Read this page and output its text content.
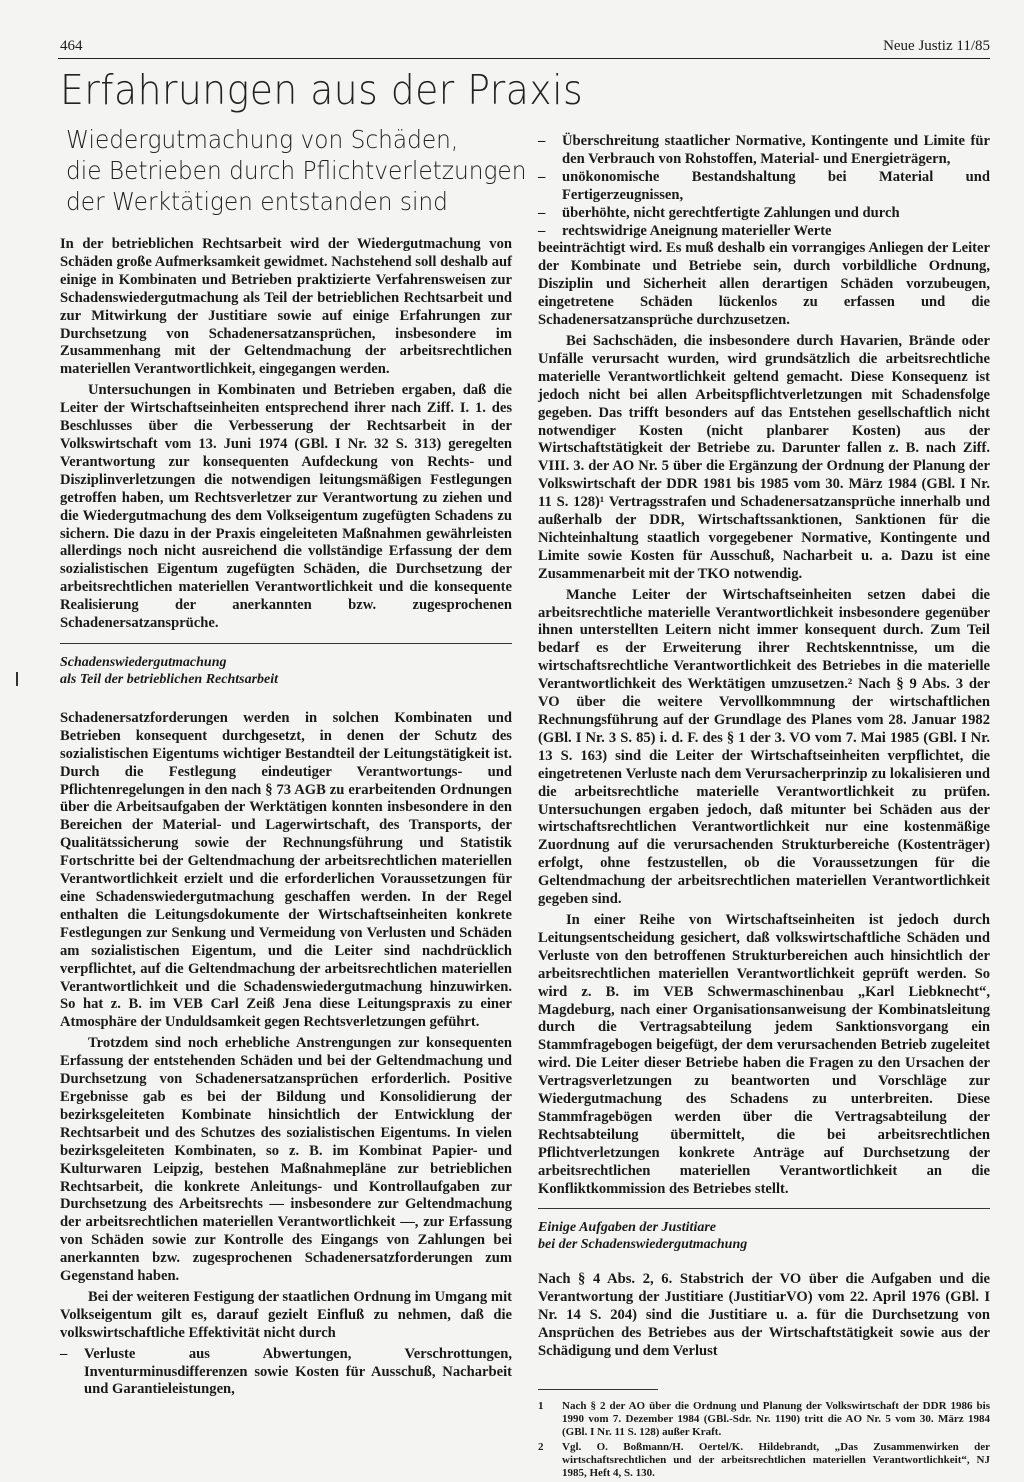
464	Neue Justiz 11/85
Erfahrungen aus der Praxis
Wiedergutmachung von Schäden,
die Betrieben durch Pflichtverletzungen
der Werktätigen entstanden sind

In der betrieblichen Rechtsarbeit wird der Wiedergutmachung von Schäden große Aufmerksamkeit gewidmet. Nachstehend soll deshalb auf einige in Kombinaten und Betrieben praktizierte Verfahrensweisen zur Schadenswiedergutmachung als Teil der betrieblichen Rechtsarbeit und zur Mitwirkung der Justitiare sowie auf einige Erfahrungen zur Durchsetzung von Schadenersatzansprüchen, insbesondere im Zusammenhang mit der Geltendmachung der arbeitsrechtlichen materiellen Verantwortlichkeit, eingegangen werden.

Untersuchungen in Kombinaten und Betrieben ergaben, daß die Leiter der Wirtschaftseinheiten entsprechend ihrer nach Ziff. I. 1. des Beschlusses über die Verbesserung der Rechtsarbeit in der Volkswirtschaft vom 13. Juni 1974 (GBl. I Nr. 32 S. 313) geregelten Verantwortung zur konsequenten Aufdeckung von Rechts- und Disziplinverletzungen die notwendigen leitungsmäßigen Festlegungen getroffen haben, um Rechtsverletzer zur Verantwortung zu ziehen und die Wiedergutmachung des dem Volkseigentum zugefügten Schadens zu sichern. Die dazu in der Praxis eingeleiteten Maßnahmen gewährleisten allerdings noch nicht ausreichend die vollständige Erfassung der dem sozialistischen Eigentum zugefügten Schäden, die Durchsetzung der arbeitsrechtlichen materiellen Verantwortlichkeit und die konsequente Realisierung der anerkannten bzw. zugesprochenen Schadenersatzansprüche.

Schadenswiedergutmachung
als Teil der betrieblichen Rechtsarbeit

Schadenersatzforderungen werden in solchen Kombinaten und Betrieben konsequent durchgesetzt, in denen der Schutz des sozialistischen Eigentums wichtiger Bestandteil der Leitungstätigkeit ist. Durch die Festlegung eindeutiger Verantwortungs- und Pflichtenregelungen in den nach § 73 AGB zu erarbeitenden Ordnungen über die Arbeitsaufgaben der Werktätigen konnten insbesondere in den Bereichen der Material- und Lagerwirtschaft, des Transports, der Qualitätssicherung sowie der Rechnungsführung und Statistik Fortschritte bei der Geltendmachung der arbeitsrechtlichen materiellen Verantwortlichkeit erzielt und die erforderlichen Voraussetzungen für eine Schadenswiedergutmachung geschaffen werden. In der Regel enthalten die Leitungsdokumente der Wirtschaftseinheiten konkrete Festlegungen zur Senkung und Vermeidung von Verlusten und Schäden am sozialistischen Eigentum, und die Leiter sind nachdrücklich verpflichtet, auf die Geltendmachung der arbeitsrechtlichen materiellen Verantwortlichkeit und die Schadenswiedergutmachung hinzuwirken. So hat z. B. im VEB Carl Zeiß Jena diese Leitungspraxis zu einer Atmosphäre der Unduldsamkeit gegen Rechtsverletzungen geführt.

Trotzdem sind noch erhebliche Anstrengungen zur konsequenten Erfassung der entstehenden Schäden und bei der Geltendmachung und Durchsetzung von Schadenersatzansprüchen erforderlich. Positive Ergebnisse gab es bei der Bildung und Konsolidierung der bezirksgeleiteten Kombinate hinsichtlich der Entwicklung der Rechtsarbeit und des Schutzes des sozialistischen Eigentums. In vielen bezirksgeleiteten Kombinaten, so z. B. im Kombinat Papier- und Kulturwaren Leipzig, bestehen Maßnahmepläne zur betrieblichen Rechtsarbeit, die konkrete Anleitungs- und Kontrollaufgaben zur Durchsetzung des Arbeitsrechts — insbesondere zur Geltendmachung der arbeitsrechtlichen materiellen Verantwortlichkeit —, zur Erfassung von Schäden sowie zur Kontrolle des Eingangs von Zahlungen bei anerkannten bzw. zugesprochenen Schadenersatzforderungen zum Gegenstand haben.

Bei der weiteren Festigung der staatlichen Ordnung im Umgang mit Volkseigentum gilt es, darauf gezielt Einfluß zu nehmen, daß die volkswirtschaftliche Effektivität nicht durch

– Verluste aus Abwertungen, Verschrottungen, Inventurminusdifferenzen sowie Kosten für Ausschuß, Nacharbeit und Garantieleistungen,
– Überschreitung staatlicher Normative, Kontingente und Limite für den Verbrauch von Rohstoffen, Material- und Energieträgern,
– unökonomische Bestandshaltung bei Material und Fertigerzeugnissen,
– überhöhte, nicht gerechtfertigte Zahlungen und durch
– rechtswidrige Aneignung materieller Werte

beeinträchtigt wird. Es muß deshalb ein vorrangiges Anliegen der Leiter der Kombinate und Betriebe sein, durch vorbildliche Ordnung, Disziplin und Sicherheit allen derartigen Schäden vorzubeugen, eingetretene Schäden lückenlos zu erfassen und die Schadenersatzansprüche durchzusetzen.

Bei Sachschäden, die insbesondere durch Havarien, Brände oder Unfälle verursacht wurden, wird grundsätzlich die arbeitsrechtliche materielle Verantwortlichkeit geltend gemacht. Diese Konsequenz ist jedoch nicht bei allen Arbeitspflichtverletzungen mit Schadensfolge gegeben. Das trifft besonders auf das Entstehen gesellschaftlich nicht notwendiger Kosten (nicht planbarer Kosten) aus der Wirtschaftstätigkeit der Betriebe zu. Darunter fallen z. B. nach Ziff. VIII. 3. der AO Nr. 5 über die Ergänzung der Ordnung der Planung der Volkswirtschaft der DDR 1981 bis 1985 vom 30. März 1984 (GBl. I Nr. 11 S. 128)¹ Vertragsstrafen und Schadenersatzansprüche innerhalb und außerhalb der DDR, Wirtschaftssanktionen, Sanktionen für die Nichteinhaltung staatlich vorgegebener Normative, Kontingente und Limite sowie Kosten für Ausschuß, Nacharbeit u. a. Dazu ist eine Zusammenarbeit mit der TKO notwendig.

Manche Leiter der Wirtschaftseinheiten setzen dabei die arbeitsrechtliche materielle Verantwortlichkeit insbesondere gegenüber ihnen unterstellten Leitern nicht immer konsequent durch. Zum Teil bedarf es der Erweiterung ihrer Rechtskenntnisse, um die wirtschaftsrechtliche Verantwortlichkeit des Betriebes in die materielle Verantwortlichkeit des Werktätigen umzusetzen.² Nach § 9 Abs. 3 der VO über die weitere Vervollkommnung der wirtschaftlichen Rechnungsführung auf der Grundlage des Planes vom 28. Januar 1982 (GBl. I Nr. 3 S. 85) i. d. F. des § 1 der 3. VO vom 7. Mai 1985 (GBl. I Nr. 13 S. 163) sind die Leiter der Wirtschaftseinheiten verpflichtet, die eingetretenen Verluste nach dem Verursacherprinzip zu lokalisieren und die arbeitsrechtliche materielle Verantwortlichkeit zu prüfen. Untersuchungen ergaben jedoch, daß mitunter bei Schäden aus der wirtschaftsrechtlichen Verantwortlichkeit nur eine kostenmäßige Zuordnung auf die verursachenden Strukturbereiche (Kostenträger) erfolgt, ohne festzustellen, ob die Voraussetzungen für die Geltendmachung der arbeitsrechtlichen materiellen Verantwortlichkeit gegeben sind.

In einer Reihe von Wirtschaftseinheiten ist jedoch durch Leitungsentscheidung gesichert, daß volkswirtschaftliche Schäden und Verluste von den betroffenen Strukturbereichen auch hinsichtlich der arbeitsrechtlichen materiellen Verantwortlichkeit geprüft werden. So wird z. B. im VEB Schwermaschinenbau „Karl Liebknecht“, Magdeburg, nach einer Organisationsanweisung der Kombinatsleitung durch die Vertragsabteilung jedem Sanktionsvorgang ein Stammfragebogen beigefügt, der dem verursachenden Betrieb zugeleitet wird. Die Leiter dieser Betriebe haben die Fragen zu den Ursachen der Vertragsverletzungen zu beantworten und Vorschläge zur Wiedergutmachung des Schadens zu unterbreiten. Diese Stammfragebögen werden über die Vertragsabteilung der Rechtsabteilung übermittelt, die bei arbeitsrechtlichen Pflichtverletzungen konkrete Anträge auf Durchsetzung der arbeitsrechtlichen materiellen Verantwortlichkeit an die Konfliktkommission des Betriebes stellt.

Einige Aufgaben der Justitiare
bei der Schadenswiedergutmachung

Nach § 4 Abs. 2, 6. Stabstrich der VO über die Aufgaben und die Verantwortung der Justitiare (JustitiarVO) vom 22. April 1976 (GBl. I Nr. 14 S. 204) sind die Justitiare u. a. für die Durchsetzung von Ansprüchen des Betriebes aus der Wirtschaftstätigkeit sowie aus der Schädigung und dem Verlust

1 Nach § 2 der AO über die Ordnung und Planung der Volkswirtschaft der DDR 1986 bis 1990 vom 7. Dezember 1984 (GBl.-Sdr. Nr. 1190) tritt die AO Nr. 5 vom 30. März 1984 (GBl. I Nr. 11 S. 128) außer Kraft.
2 Vgl. O. Boßmann/H. Oertel/K. Hildebrandt, „Das Zusammenwirken der wirtschaftsrechtlichen und der arbeitsrechtlichen materiellen Verantwortlichkeit“, NJ 1985, Heft 4, S. 130.
